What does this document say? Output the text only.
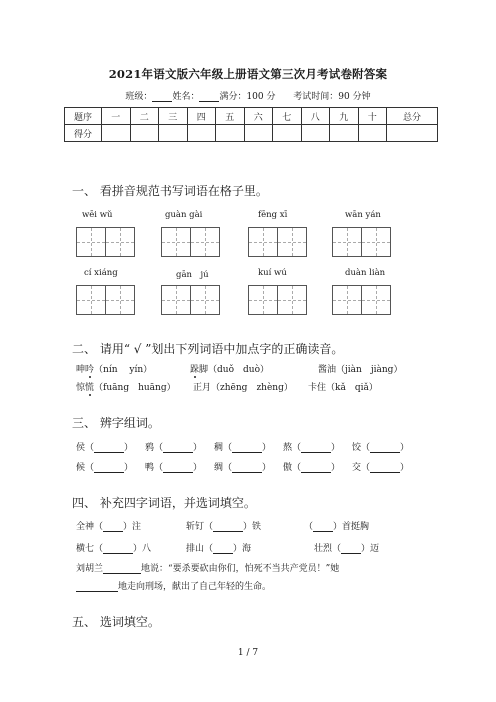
2021年语文版六年级上册语文第三次月考试卷附答案
班级： 姓名： 满分：100 分 考试时间：90 分钟
题序	一	二	三	四	五	六	七	八	九	十	总分
得分											
一、 看拼音规范书写词语在格子里。
wēi wǔ	guàn gài	fēng xī	wān yán
cí xiáng	gān　jú	kuí wú	duàn liàn
二、 请用“ √ ”划出下列词语中加点字的正确读音。
呻吟（nín　 yín）	跺脚（duǒ　duò）	酱油（jiàn　jiàng）
惊慌（fuāng　huāng） 正月（zhēng　zhèng） 卡住（kǎ　qiǎ）
三、 辨字组词。
侯（	） 鸦（	） 稠（	） 熬（	） 饺（	）
候（	） 鸭（	） 绸（	） 傲（	） 交（	）
四、 补充四字词语，并选词填空。
全神（ ）注	斩钉（	）铁	（ ）首挺胸
横七（	）八	排山（ ）海	壮烈（ ）迈
刘胡兰	地说：“要杀要砍由你们，怕死不当共产党员！”她
地走向刑场，献出了自己年轻的生命。
五、 选词填空。
1 / 7
